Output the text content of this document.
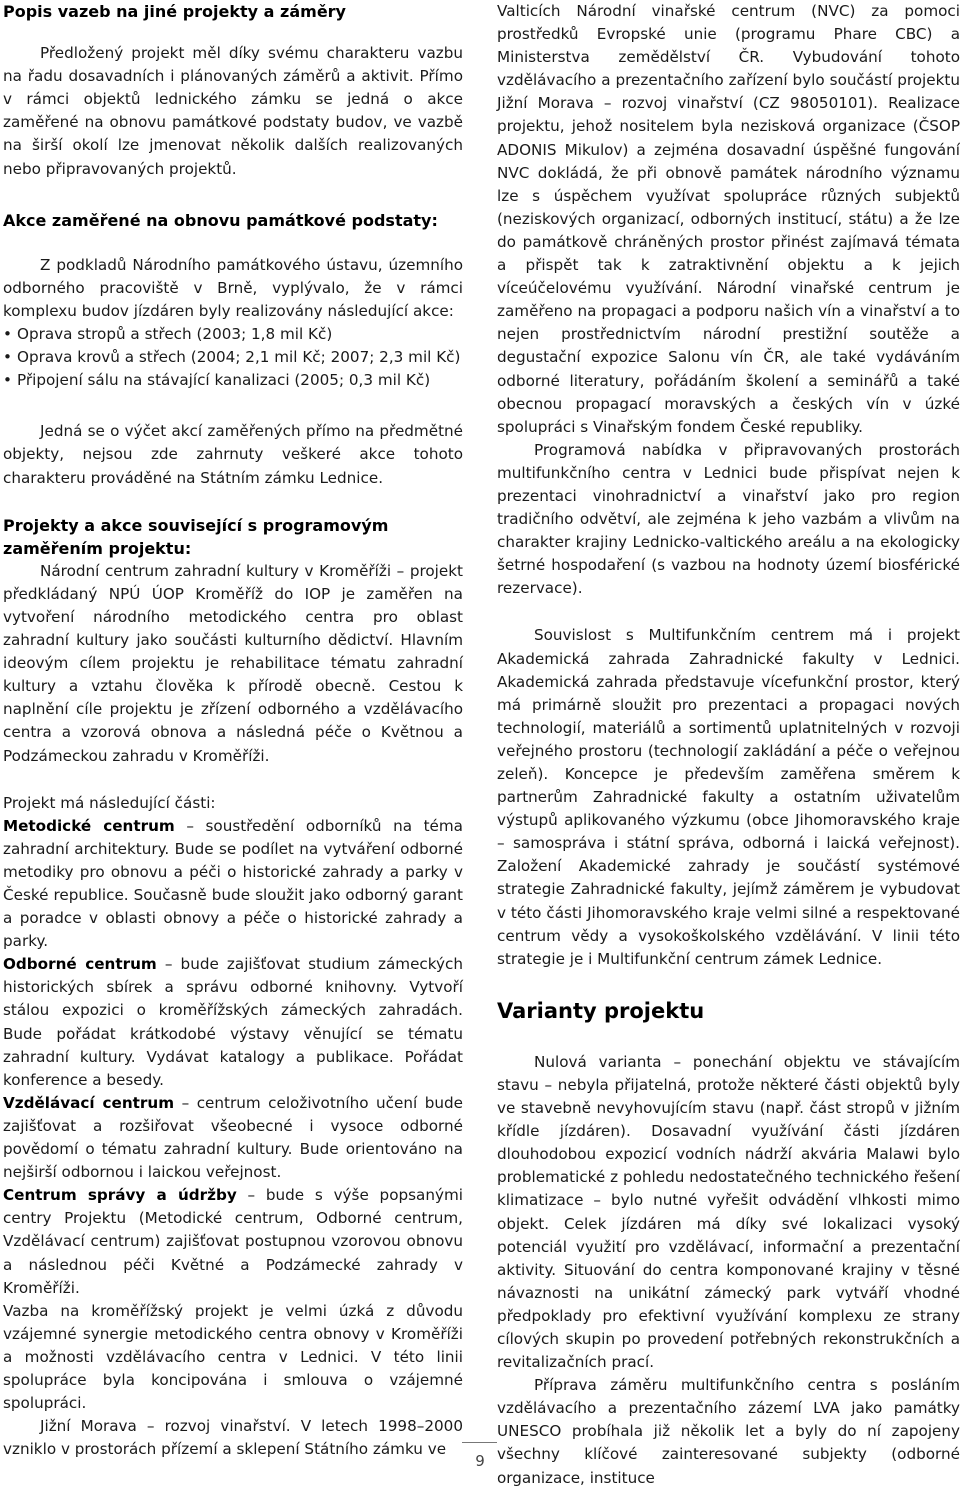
Popis vazeb na jiné projekty a záměry

Předložený projekt měl díky svému charakteru vazbu na řadu dosavadních i plánovaných záměrů a aktivit. Přímo v rámci objektů lednického zámku se jedná o akce zaměřené na obnovu památkové podstaty budov, ve vazbě na širší okolí lze jmenovat několik dalších realizovaných nebo připravovaných projektů.

Akce zaměřené na obnovu památkové podstaty:

Z podkladů Národního památkového ústavu, územního odborného pracoviště v Brně, vyplývalo, že v rámci komplexu budov jízdáren byly realizovány následující akce:

• Oprava stropů a střech (2003; 1,8 mil Kč)
• Oprava krovů a střech (2004; 2,1 mil Kč; 2007; 2,3 mil Kč)
• Připojení sálu na stávající kanalizaci (2005; 0,3 mil Kč)

Jedná se o výčet akcí zaměřených přímo na předmětné objekty, nejsou zde zahrnuty veškeré akce tohoto charakteru prováděné na Státním zámku Lednice.

Projekty a akce související s programovým zaměřením projektu:

Národní centrum zahradní kultury v Kroměříži – projekt předkládaný NPÚ ÚOP Kroměříž do IOP je zaměřen na vytvoření národního metodického centra pro oblast zahradní kultury jako součásti kulturního dědictví. Hlavním ideovým cílem projektu je rehabilitace tématu zahradní kultury a vztahu člověka k přírodě obecně. Cestou k naplnění cíle projektu je zřízení odborného a vzdělávacího centra a vzorová obnova a následná péče o Květnou a Podzámeckou zahradu v Kroměříži.

Projekt má následující části:

Metodické centrum – soustředění odborníků na téma zahradní architektury. Bude se podílet na vytváření odborné metodiky pro obnovu a péči o historické zahrady a parky v České republice. Současně bude sloužit jako odborný garant a poradce v oblasti obnovy a péče o historické zahrady a parky.

Odborné centrum – bude zajišťovat studium zámeckých historických sbírek a správu odborné knihovny. Vytvoří stálou expozici o kroměřížských zámeckých zahradách. Bude pořádat krátkodobé výstavy věnující se tématu zahradní kultury. Vydávat katalogy a publikace. Pořádat konference a besedy.

Vzdělávací centrum – centrum celoživotního učení bude zajišťovat a rozšiřovat všeobecné i vysoce odborné povědomí o tématu zahradní kultury. Bude orientováno na nejširší odbornou i laickou veřejnost.

Centrum správy a údržby – bude s výše popsanými centry Projektu (Metodické centrum, Odborné centrum, Vzdělávací centrum) zajišťovat postupnou vzorovou obnovu a následnou péči Květné a Podzámecké zahrady v Kroměříži.

Vazba na kroměřížský projekt je velmi úzká z důvodu vzájemné synergie metodického centra obnovy v Kroměříži a možnosti vzdělávacího centra v Lednici. V této linii spolupráce byla koncipována i smlouva o vzájemné spolupráci.

Jižní Morava – rozvoj vinařství. V letech 1998–2000 vzniklo v prostorách přízemí a sklepení Státního zámku ve

Valticích Národní vinařské centrum (NVC) za pomoci prostředků Evropské unie (programu Phare CBC) a Ministerstva zemědělství ČR. Vybudování tohoto vzdělávacího a prezentačního zařízení bylo součástí projektu Jižní Morava – rozvoj vinařství (CZ 98050101). Realizace projektu, jehož nositelem byla nezisková organizace (ČSOP ADONIS Mikulov) a zejména dosavadní úspěšné fungování NVC dokládá, že při obnově památek národního významu lze s úspěchem využívat spolupráce různých subjektů (neziskových organizací, odborných institucí, státu) a že lze do památkově chráněných prostor přinést zajímavá témata a přispět tak k zatraktivnění objektu a k jejich víceúčelovému využívání. Národní vinařské centrum je zaměřeno na propagaci a podporu našich vín a vinařství a to nejen prostřednictvím národní prestižní soutěže a degustační expozice Salonu vín ČR, ale také vydáváním odborné literatury, pořádáním školení a seminářů a také obecnou propagací moravských a českých vín v úzké spolupráci s Vinařským fondem České republiky.

Programová nabídka v připravovaných prostorách multifunkčního centra v Lednici bude přispívat nejen k prezentaci vinohradnictví a vinařství jako pro region tradičního odvětví, ale zejména k jeho vazbám a vlivům na charakter krajiny Lednicko-valtického areálu a na ekologicky šetrné hospodaření (s vazbou na hodnoty území biosférické rezervace).

Souvislost s Multifunkčním centrem má i projekt Akademická zahrada Zahradnické fakulty v Lednici. Akademická zahrada představuje vícefunkční prostor, který má primárně sloužit pro prezentaci a propagaci nových technologií, materiálů a sortimentů uplatnitelných v rozvoji veřejného prostoru (technologií zakládání a péče o veřejnou zeleň). Koncepce je především zaměřena směrem k partnerům Zahradnické fakulty a ostatním uživatelům výstupů aplikovaného výzkumu (obce Jihomoravského kraje – samospráva i státní správa, odborná i laická veřejnost). Založení Akademické zahrady je součástí systémové strategie Zahradnické fakulty, jejímž záměrem je vybudovat v této části Jihomoravského kraje velmi silné a respektované centrum vědy a vysokoškolského vzdělávání. V linii této strategie je i Multifunkční centrum zámek Lednice.

Varianty projektu

Nulová varianta – ponechání objektu ve stávajícím stavu – nebyla přijatelná, protože některé části objektů byly ve stavebně nevyhovujícím stavu (např. část stropů v jižním křídle jízdáren). Dosavadní využívání části jízdáren dlouhodobou expozicí vodních nádrží akvária Malawi bylo problematické z pohledu nedostatečného technického řešení klimatizace – bylo nutné vyřešit odvádění vlhkosti mimo objekt. Celek jízdáren má díky své lokalizaci vysoký potenciál využití pro vzdělávací, informační a prezentační aktivity. Situování do centra komponované krajiny v těsné návaznosti na unikátní zámecký park vytváří vhodné předpoklady pro efektivní využívání komplexu ze strany cílových skupin po provedení potřebných rekonstrukčních a revitalizačních prací.

Příprava záměru multifunkčního centra s posláním vzdělávacího a prezentačního zázemí LVA jako památky UNESCO probíhala již několik let a byly do ní zapojeny všechny klíčové zainteresované subjekty (odborné organizace, instituce

9
